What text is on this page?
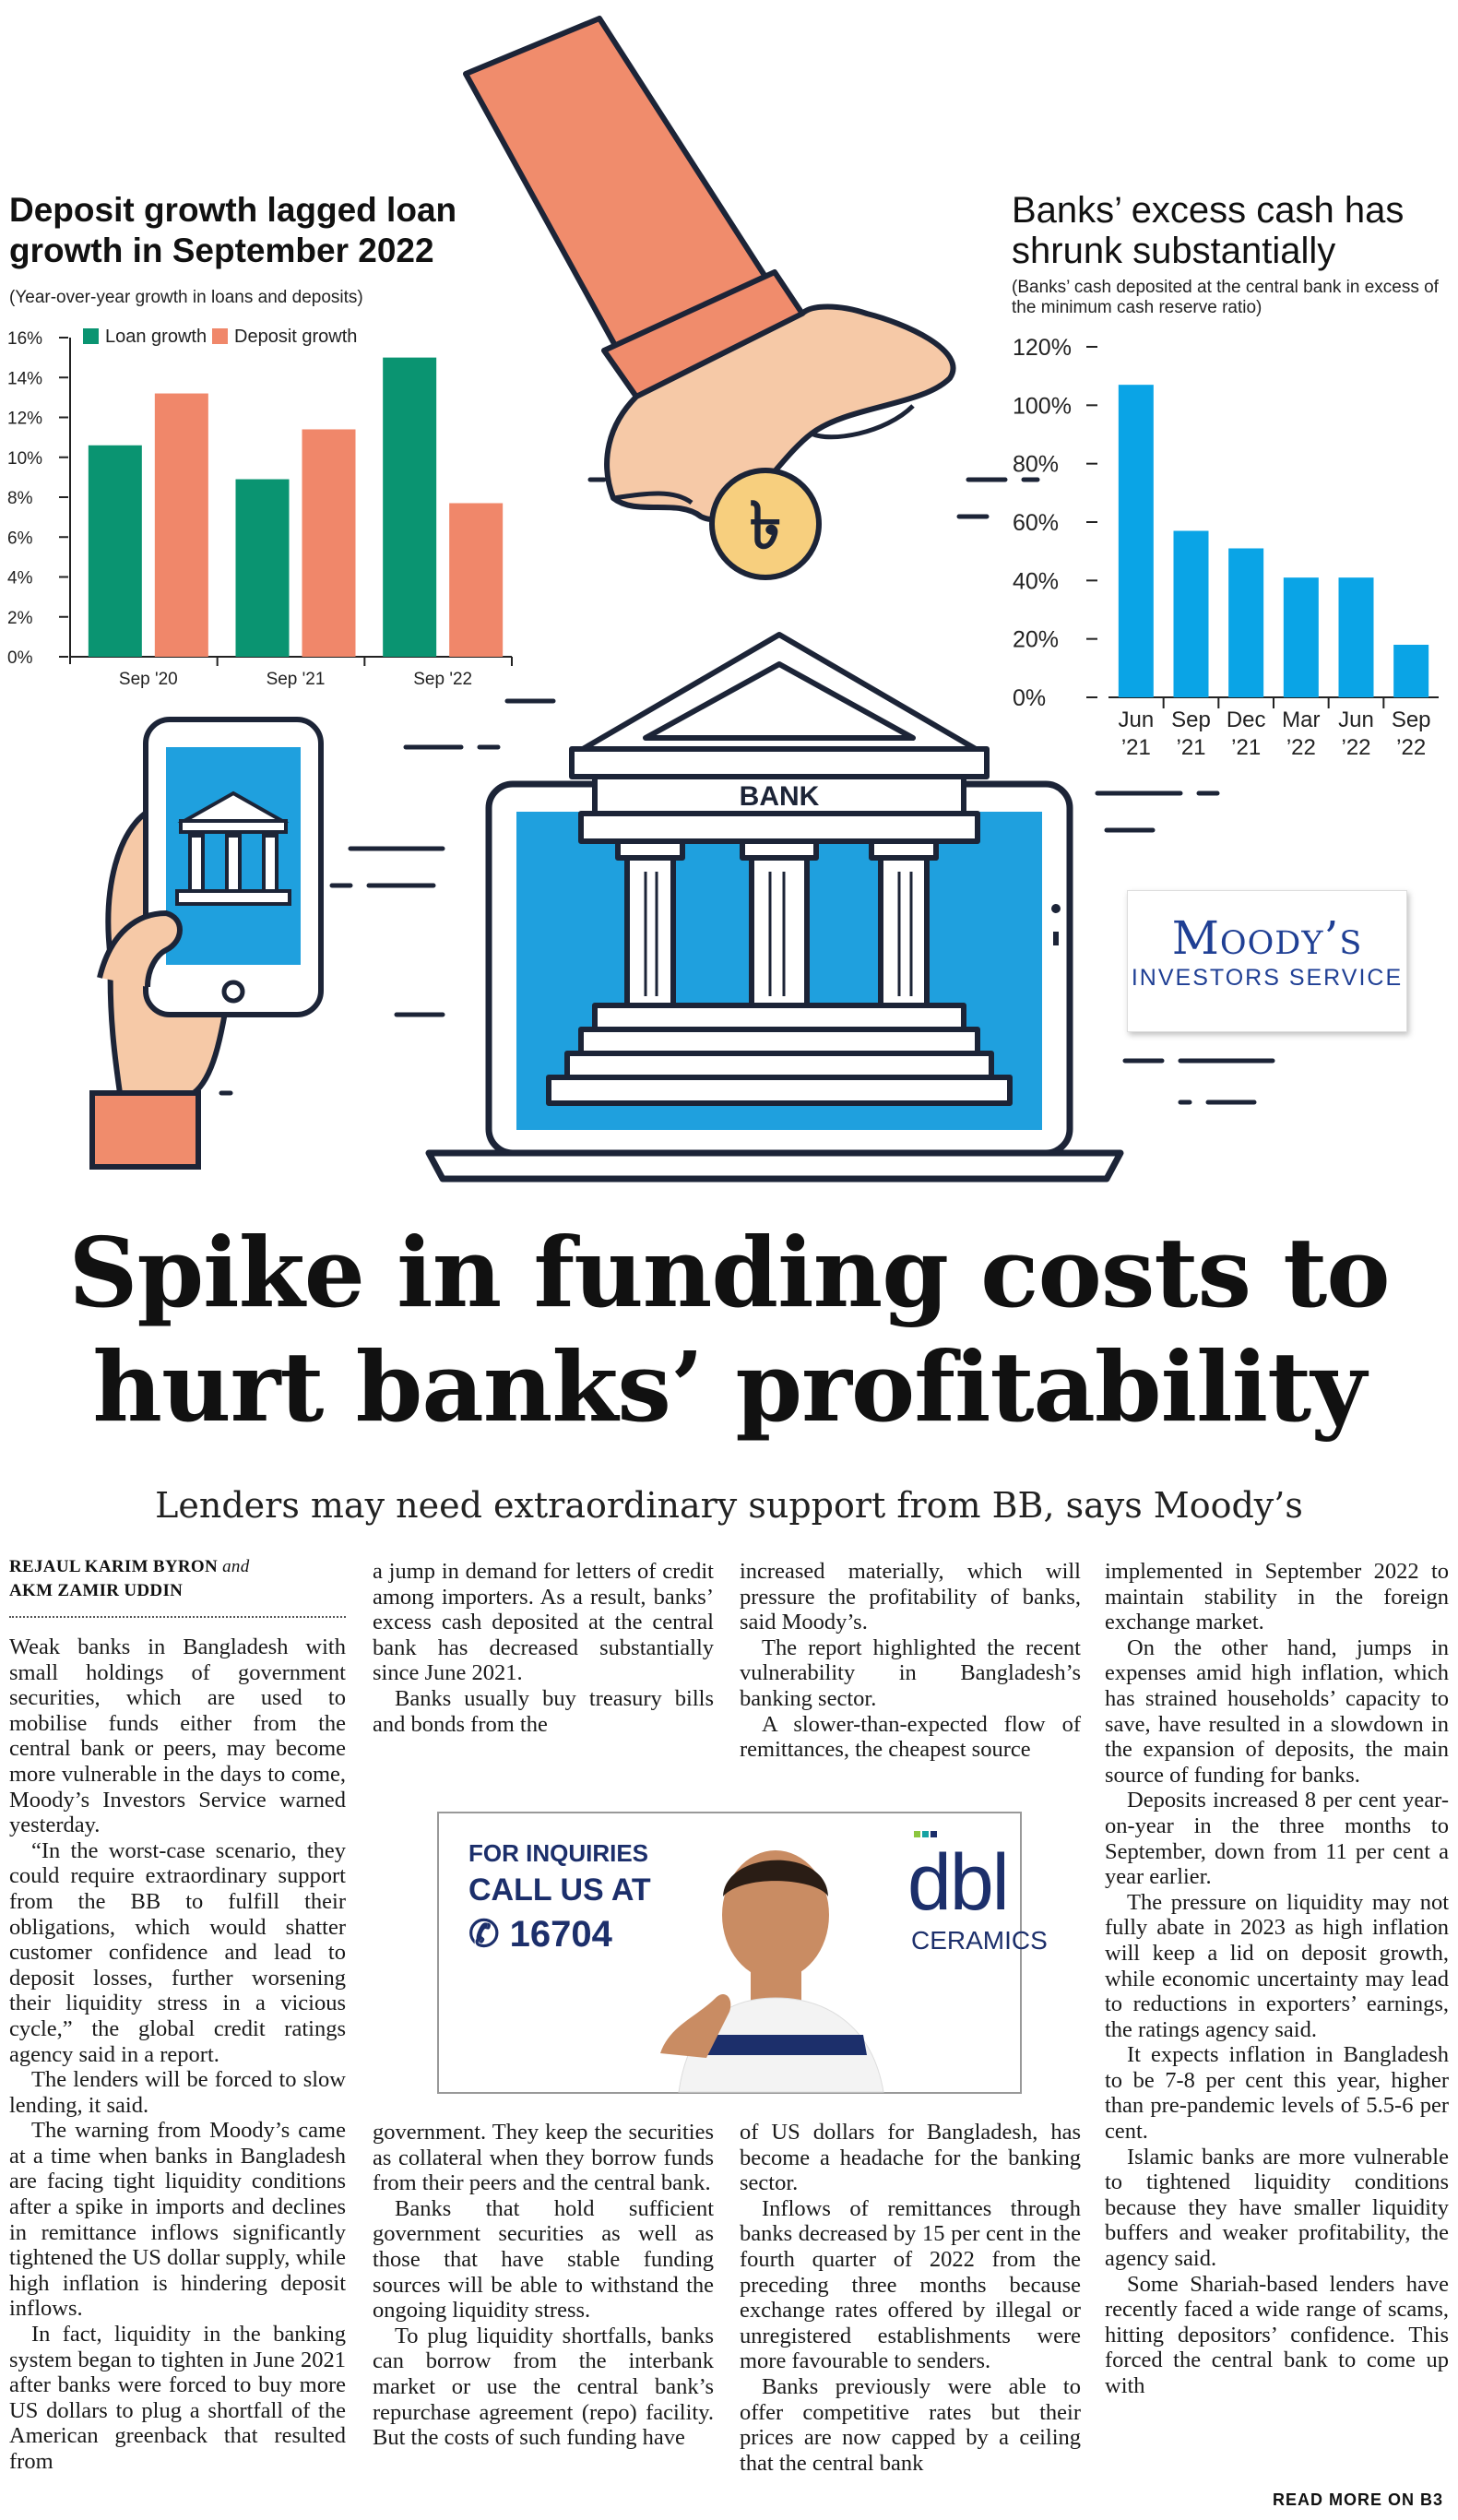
৳
BANK
Deposit growth lagged loan
growth in September 2022
(Year-over-year growth in loans and deposits)
0%
2%
4%
6%
8%
10%
12%
14%
16%	Loan growth Deposit growth
Sep '20	Sep '21	Sep '22
Banks’ excess cash has
shrunk substantially
(Banks’ cash deposited at the central bank in excess of
the minimum cash reserve ratio)
0%
20%
40%
60%
80%
100%
120%
Jun
’21
Sep
’21
Dec
’21
Mar
’22
Jun
’22
Sep
’22
Moody’s
INVESTORS SERVICE
Spike in funding costs to
hurt banks’ profitability
Lenders may need extraordinary support from BB, says Moody’s
REJAUL KARIM BYRON and
AKM ZAMIR UDDIN

Weak banks in Bangladesh with small holdings of government securities, which are used to mobilise funds either from the central bank or peers, may become more vulnerable in the days to come, Moody’s Investors Service warned yesterday.

“In the worst-case scenario, they could require extraordinary support from the BB to fulfill their obligations, which would shatter customer confidence and lead to deposit losses, further worsening their liquidity stress in a vicious cycle,” the global credit ratings agency said in a report.

The lenders will be forced to slow lending, it said.

The warning from Moody’s came at a time when banks in Bangladesh are facing tight liquidity conditions after a spike in imports and declines in remittance inflows significantly tightened the US dollar supply, while high inflation is hindering deposit inflows.

In fact, liquidity in the banking system began to tighten in June 2021 after banks were forced to buy more US dollars to plug a shortfall of the American greenback that resulted from

a jump in demand for letters of credit among importers. As a result, banks’ excess cash deposited at the central bank has decreased substantially since June 2021.

Banks usually buy treasury bills and bonds from the

government. They keep the securities as collateral when they borrow funds from their peers and the central bank.

Banks that hold sufficient government securities as well as those that have stable funding sources will be able to withstand the ongoing liquidity stress.

To plug liquidity shortfalls, banks can borrow from the interbank market or use the central bank’s repurchase agreement (repo) facility. But the costs of such funding have

increased materially, which will pressure the profitability of banks, said Moody’s.

The report highlighted the recent vulnerability in Bangladesh’s banking sector.

A slower-than-expected flow of remittances, the cheapest source

of US dollars for Bangladesh, has become a headache for the banking sector.

Inflows of remittances through banks decreased by 15 per cent in the fourth quarter of 2022 from the preceding three months because exchange rates offered by illegal or unregistered establishments were more favourable to senders.

Banks previously were able to offer competitive rates but their prices are now capped by a ceiling that the central bank

implemented in September 2022 to maintain stability in the foreign exchange market.

On the other hand, jumps in expenses amid high inflation, which has strained households’ capacity to save, have resulted in a slowdown in the expansion of deposits, the main source of funding for banks.

Deposits increased 8 per cent year-on-year in the three months to September, down from 11 per cent a year earlier.

The pressure on liquidity may not fully abate in 2023 as high inflation will keep a lid on deposit growth, while economic uncertainty may lead to reductions in exporters’ earnings, the ratings agency said.

It expects inflation in Bangladesh to be 7-8 per cent this year, higher than pre-pandemic levels of 5.5-6 per cent.

Islamic banks are more vulnerable to tightened liquidity conditions because they have smaller liquidity buffers and weaker profitability, the agency said.

Some Shariah-based lenders have recently faced a wide range of scams, hitting depositors’ confidence. This forced the central bank to come up with

READ MORE ON B3
FOR INQUIRIES
CALL US AT
✆ 16704
dbl
CERAMICS
